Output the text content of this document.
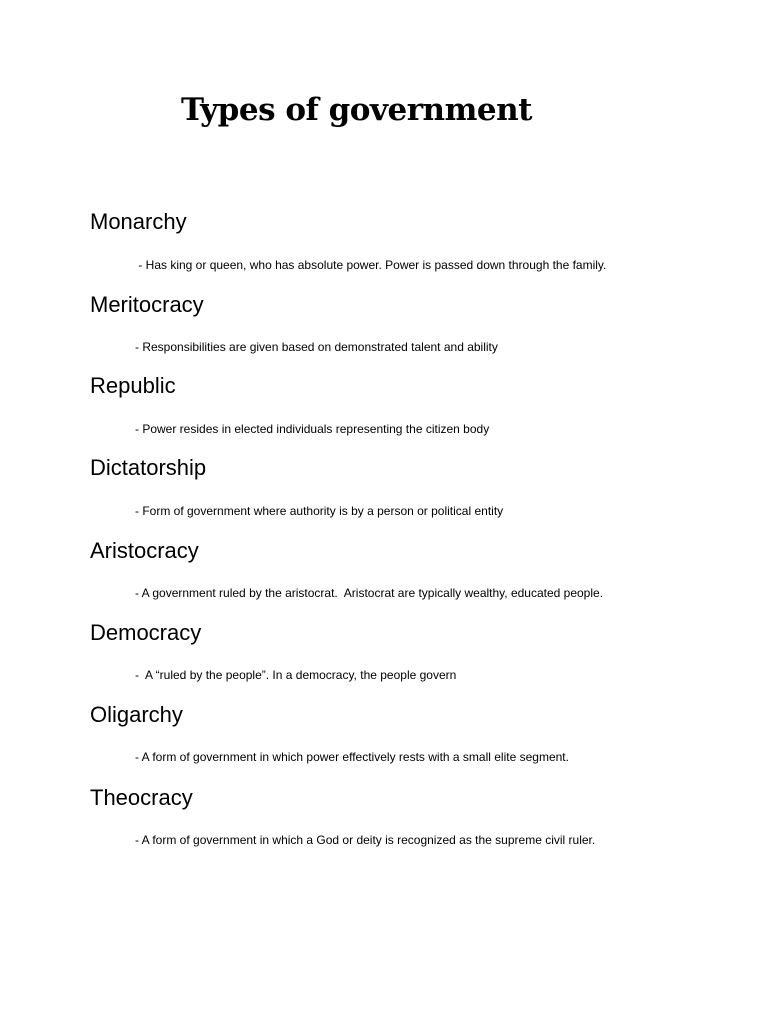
Types of government
Monarchy

- Has king or queen, who has absolute power. Power is passed down through the family.

Meritocracy

- Responsibilities are given based on demonstrated talent and ability

Republic

- Power resides in elected individuals representing the citizen body

Dictatorship

- Form of government where authority is by a person or political entity

Aristocracy

- A government ruled by the aristocrat.  Aristocrat are typically wealthy, educated people.

Democracy

-  A “ruled by the people”. In a democracy, the people govern

Oligarchy

- A form of government in which power effectively rests with a small elite segment.

Theocracy

- A form of government in which a God or deity is recognized as the supreme civil ruler.
